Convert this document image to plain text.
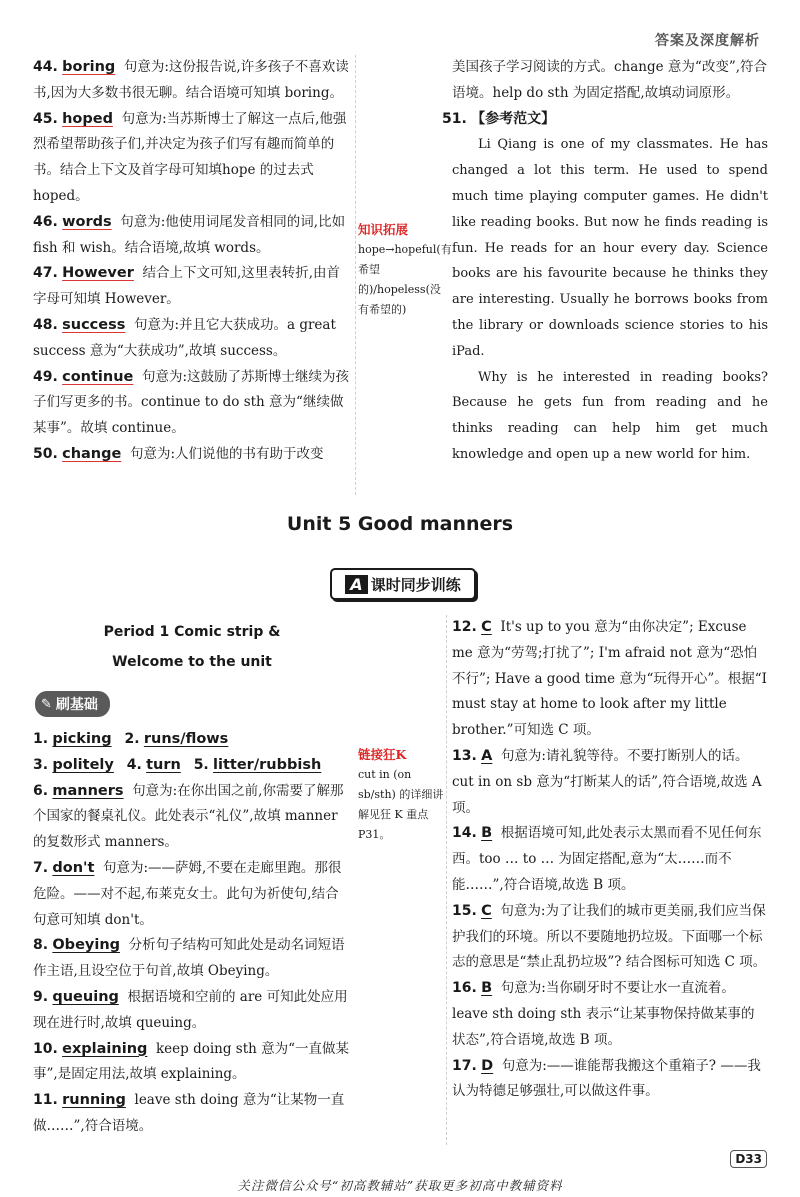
答案及深度解析

44. boring 句意为:这份报告说,许多孩子不喜欢读书,因为大多数书很无聊。结合语境可知填 boring。

45. hoped 句意为:当苏斯博士了解这一点后,他强烈希望帮助孩子们,并决定为孩子们写有趣而简单的书。结合上下文及首字母可知填hope 的过去式 hoped。

46. words 句意为:他使用词尾发音相同的词,比如 fish 和 wish。结合语境,故填 words。

47. However 结合上下文可知,这里表转折,由首字母可知填 However。

48. success 句意为:并且它大获成功。a great success 意为“大获成功”,故填 success。

49. continue 句意为:这鼓励了苏斯博士继续为孩子们写更多的书。continue to do sth 意为“继续做某事”。故填 continue。

50. change 句意为:人们说他的书有助于改变

知识拓展
hope→hopeful(有希望的)/hopeless(没有希望的)

美国孩子学习阅读的方式。change 意为“改变”,符合语境。help do sth 为固定搭配,故填动词原形。

51. 【参考范文】

Li Qiang is one of my classmates. He has changed a lot this term. He used to spend much time playing computer games. He didn't like reading books. But now he finds reading is fun. He reads for an hour every day. Science books are his favourite because he thinks they are interesting. Usually he borrows books from the library or downloads science stories to his iPad.

Why is he interested in reading books? Because he gets fun from reading and he thinks reading can help him get much knowledge and open up a new world for him.

Unit 5 Good manners
A 课时同步训练
Period 1 Comic strip &
Welcome to the unit
✎ 刷基础

1. picking 2. runs/flows

3. politely 4. turn 5. litter/rubbish

6. manners 句意为:在你出国之前,你需要了解那个国家的餐桌礼仪。此处表示“礼仪”,故填 manner 的复数形式 manners。

7. don't 句意为:——萨姆,不要在走廊里跑。那很危险。——对不起,布莱克女士。此句为祈使句,结合句意可知填 don't。

8. Obeying 分析句子结构可知此处是动名词短语作主语,且设空位于句首,故填 Obeying。

9. queuing 根据语境和空前的 are 可知此处应用现在进行时,故填 queuing。

10. explaining keep doing sth 意为“一直做某事”,是固定用法,故填 explaining。

11. running leave sth doing 意为“让某物一直做……”,符合语境。

链接狂K
cut in (on sb/sth) 的详细讲解见狂 K 重点 P31。

12. C It's up to you 意为“由你决定”; Excuse me 意为“劳驾;打扰了”; I'm afraid not 意为“恐怕不行”; Have a good time 意为“玩得开心”。根据“I must stay at home to look after my little brother.”可知选 C 项。

13. A 句意为:请礼貌等待。不要打断别人的话。cut in on sb 意为“打断某人的话”,符合语境,故选 A 项。

14. B 根据语境可知,此处表示太黑而看不见任何东西。too … to … 为固定搭配,意为“太……而不能……”,符合语境,故选 B 项。

15. C 句意为:为了让我们的城市更美丽,我们应当保护我们的环境。所以不要随地扔垃圾。下面哪一个标志的意思是“禁止乱扔垃圾”? 结合图标可知选 C 项。

16. B 句意为:当你刷牙时不要让水一直流着。leave sth doing sth 表示“让某事物保持做某事的状态”,符合语境,故选 B 项。

17. D 句意为:——谁能帮我搬这个重箱子? ——我认为特德足够强壮,可以做这件事。

D33
关注微信公众号“初高教辅站”获取更多初高中教辅资料
